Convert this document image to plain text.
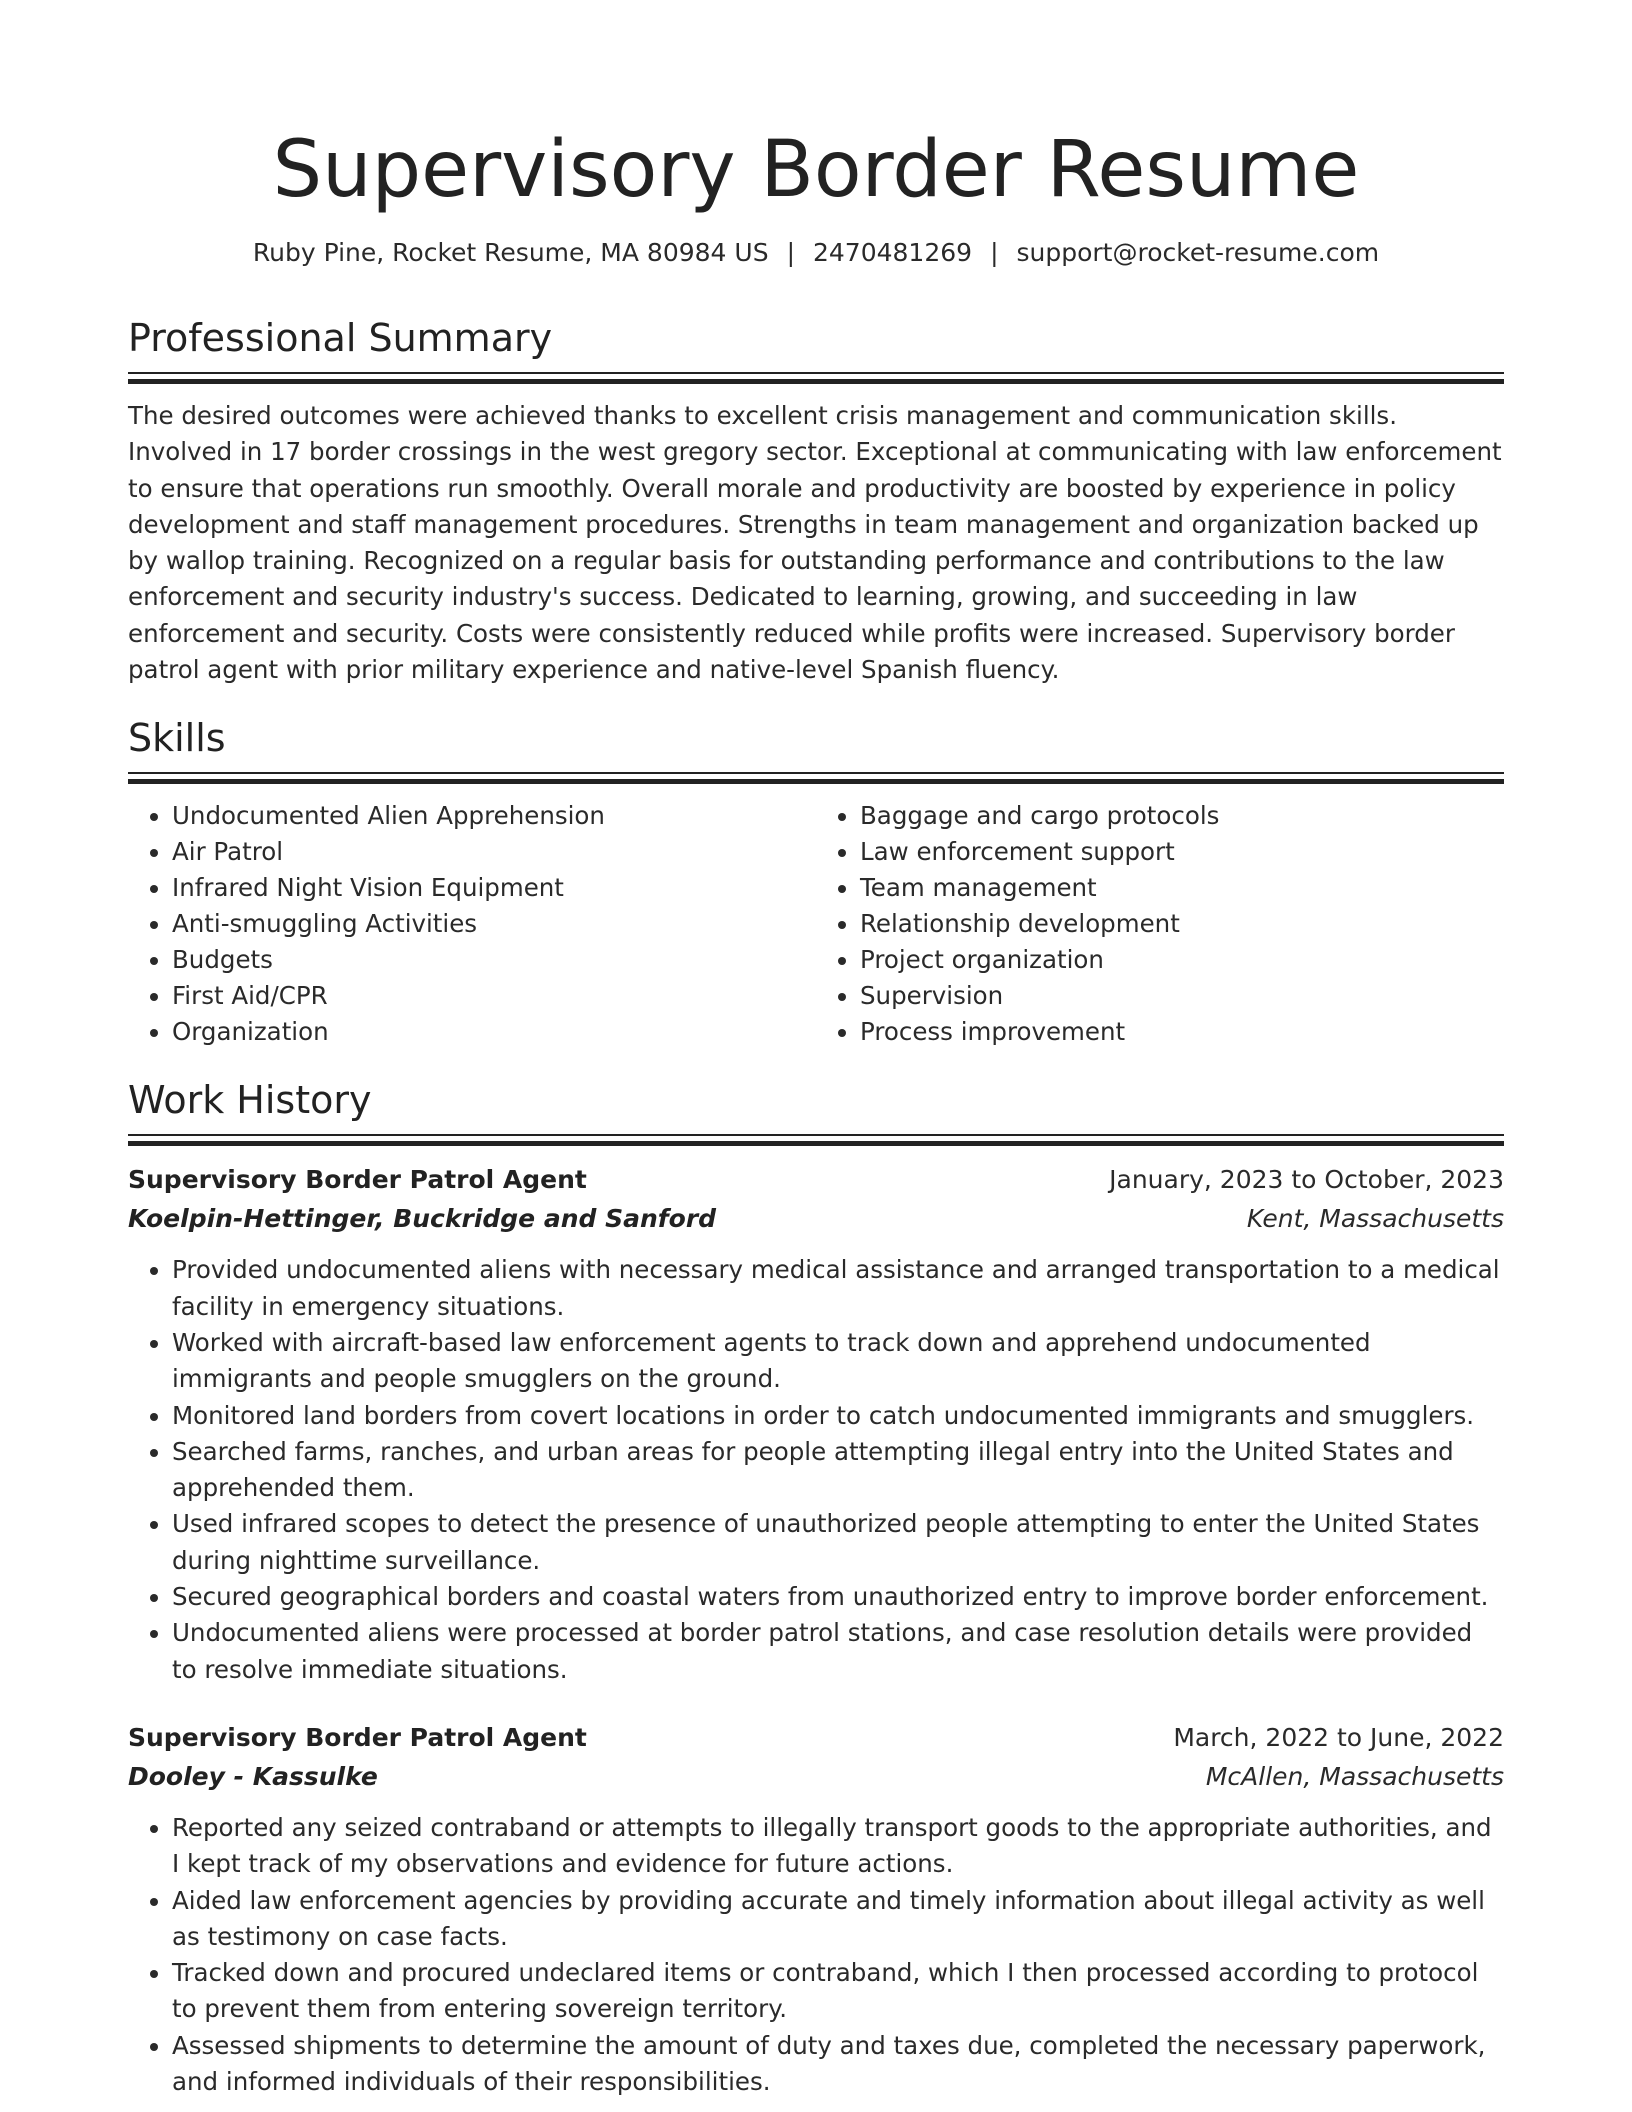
Supervisory Border Resume
Ruby Pine, Rocket Resume, MA 80984 US | 2470481269 | support@rocket-resume.com
Professional Summary

The desired outcomes were achieved thanks to excellent crisis management and communication skills. Involved in 17 border crossings in the west gregory sector. Exceptional at communicating with law enforcement to ensure that operations run smoothly. Overall morale and productivity are boosted by experience in policy development and staff management procedures. Strengths in team management and organization backed up by wallop training. Recognized on a regular basis for outstanding performance and contributions to the law enforcement and security industry's success. Dedicated to learning, growing, and succeeding in law enforcement and security. Costs were consistently reduced while profits were increased. Supervisory border patrol agent with prior military experience and native-level Spanish fluency.

Skills
• Undocumented Alien Apprehension
• Air Patrol
• Infrared Night Vision Equipment
• Anti-smuggling Activities
• Budgets
• First Aid/CPR
• Organization
• Baggage and cargo protocols
• Law enforcement support
• Team management
• Relationship development
• Project organization
• Supervision
• Process improvement
Work History
Supervisory Border Patrol Agent	January, 2023 to October, 2023
Koelpin-Hettinger, Buckridge and Sanford	Kent, Massachusetts
• Provided undocumented aliens with necessary medical assistance and arranged transportation to a medical facility in emergency situations.
• Worked with aircraft-based law enforcement agents to track down and apprehend undocumented immigrants and people smugglers on the ground.
• Monitored land borders from covert locations in order to catch undocumented immigrants and smugglers.
• Searched farms, ranches, and urban areas for people attempting illegal entry into the United States and apprehended them.
• Used infrared scopes to detect the presence of unauthorized people attempting to enter the United States during nighttime surveillance.
• Secured geographical borders and coastal waters from unauthorized entry to improve border enforcement.
• Undocumented aliens were processed at border patrol stations, and case resolution details were provided to resolve immediate situations.
Supervisory Border Patrol Agent	March, 2022 to June, 2022
Dooley - Kassulke	McAllen, Massachusetts
• Reported any seized contraband or attempts to illegally transport goods to the appropriate authorities, and I kept track of my observations and evidence for future actions.
• Aided law enforcement agencies by providing accurate and timely information about illegal activity as well as testimony on case facts.
• Tracked down and procured undeclared items or contraband, which I then processed according to protocol to prevent them from entering sovereign territory.
• Assessed shipments to determine the amount of duty and taxes due, completed the necessary paperwork, and informed individuals of their responsibilities.
